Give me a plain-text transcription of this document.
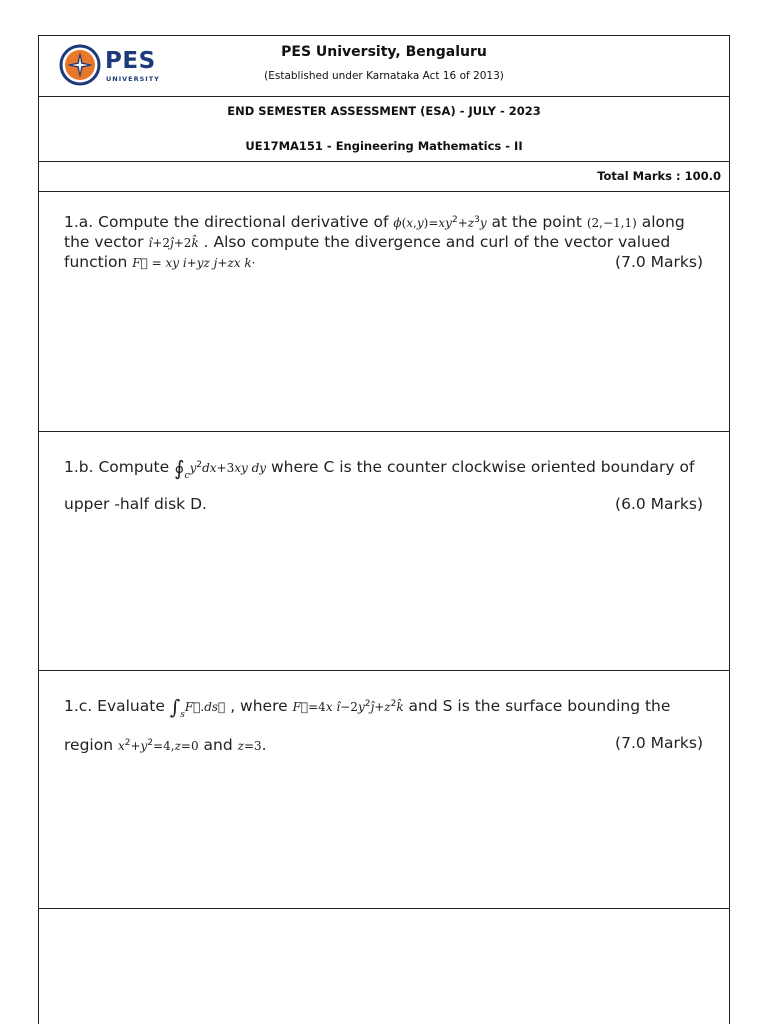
PES
UNIVERSITY
PES University, Bengaluru
(Established under Karnataka Act 16 of 2013)
END SEMESTER ASSESSMENT (ESA) - JULY - 2023
UE17MA151 - Engineering Mathematics - II
Total Marks : 100.0
1.a. Compute the directional derivative of $\phi(x,y)=xy^2+z^3y$ at the point (2,−1,1) along
the vector î+2ĵ+2k̂ . Also compute the divergence and curl of the vector valued
function F⃗ = xy i+yz j+zx k·	(7.0 Marks)
1.b. Compute $∮_cy^2dx+3xy$ dy where C is the counter clockwise oriented boundary of
upper -half disk D.	(6.0 Marks)
1.c. Evaluate $\int_sF⃗.ds⃗$ , where F⃗=4x $î-2y^2ĵ+z^2k̂$ and S is the surface bounding the
region $x^2+y^2=4,z=0$ and z=3.	(7.0 Marks)
